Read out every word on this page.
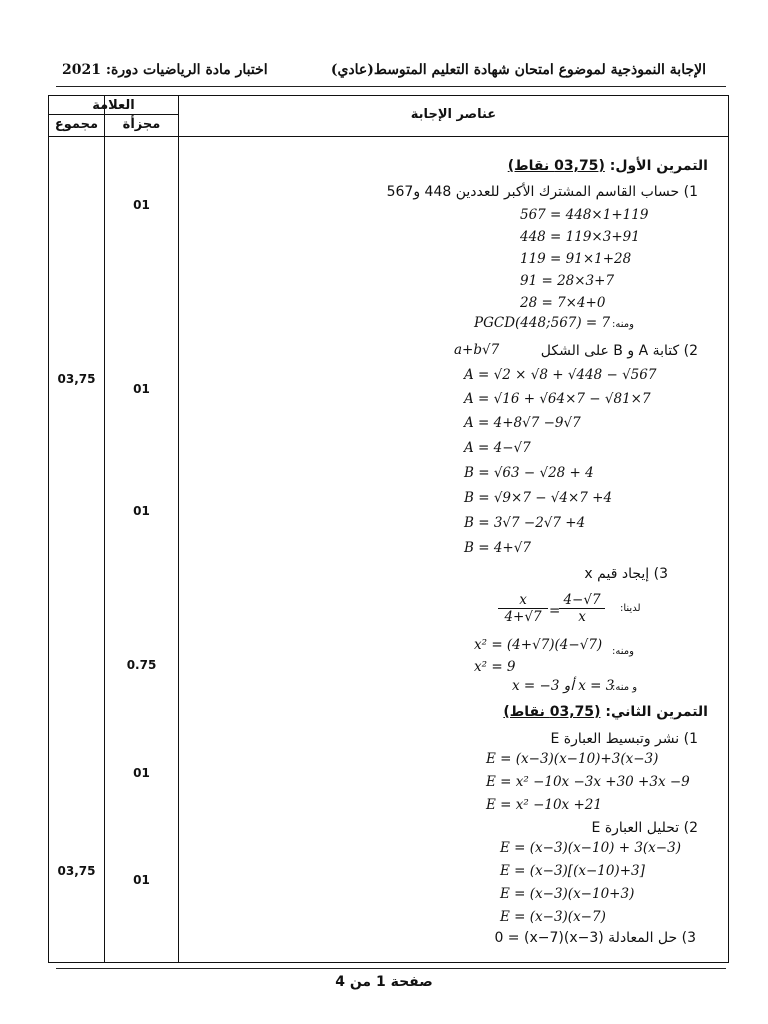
الإجابة النموذجية لموضوع امتحان شهادة التعليم المتوسط(عادي)
اختبار مادة الرياضيات دورة: 2021
العلامة
مجموع	مجزأة
عناصر الإجابة
01
01
01
0.75
01
01
03,75
03,75
التمرين الأول: (03,75 نقاط)
1) حساب القاسم المشترك الأكبر للعددين 448 و567
567 = 448×1+119
448 = 119×3+91
119 = 91×1+28
91 = 28×3+7
28 = 7×4+0
PGCD(448;567) = 7 ومنه:
2) كتابة A و B على الشكل
a+b√7
A = √2 × √8 + √448 − √567
A = √16 + √64×7 − √81×7
A = 4+8√7 −9√7
A = 4−√7
B = √63 − √28 + 4
B = √9×7 − √4×7 +4
B = 3√7 −2√7 +4
B = 4+√7
3) إيجاد قيم x
لدينا:
$\frac{x}{4+√7}$ =
$\frac{4-√7}{x}$
x² = (4+√7)(4−√7) ومنه:
x² = 9
و منه:
x = 3 أو x = −3
التمرين الثاني: (03,75 نقاط)
1) نشر وتبسيط العبارة E
E = (x−3)(x−10)+3(x−3)
E = x² −10x −3x +30 +3x −9
E = x² −10x +21
2) تحليل العبارة E
E = (x−3)(x−10) + 3(x−3)
E = (x−3)[(x−10)+3]
E = (x−3)(x−10+3)
E = (x−3)(x−7)
3) حل المعادلة (x−3)(x−7) = 0
صفحة 1 من 4
